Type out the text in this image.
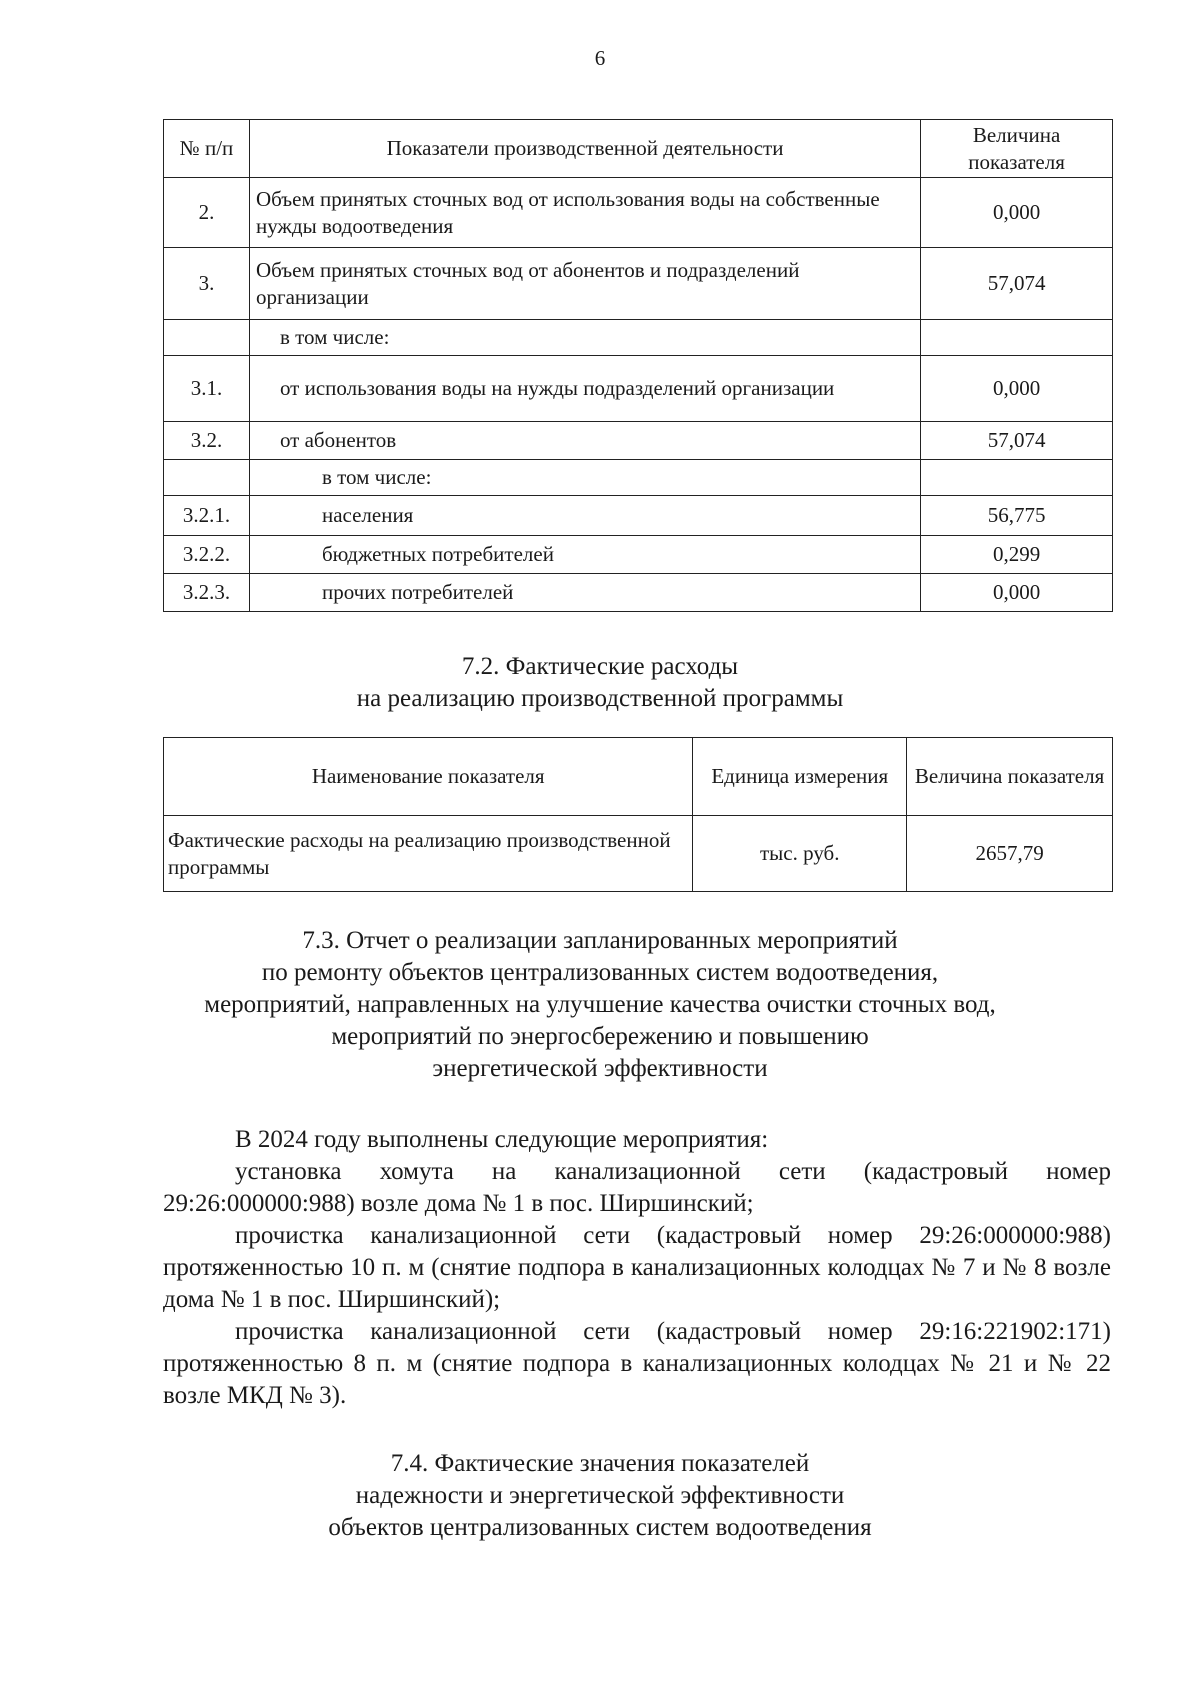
6
№ п/п	Показатели производственной деятельности	Величина показателя
2.	Объем принятых сточных вод от использования воды на собственные нужды водоотведения	0,000
3.	Объем принятых сточных вод от абонентов и подразделений организации	57,074
	в том числе:	
3.1.	от использования воды на нужды подразделений организации	0,000
3.2.	от абонентов	57,074
	в том числе:	
3.2.1.	населения	56,775
3.2.2.	бюджетных потребителей	0,299
3.2.3.	прочих потребителей	0,000
7.2. Фактические расходы
на реализацию производственной программы
Наименование показателя	Единица измерения	Величина показателя
Фактические расходы на реализацию производственной программы	тыс. руб.	2657,79
7.3. Отчет о реализации запланированных мероприятий
по ремонту объектов централизованных систем водоотведения,
мероприятий, направленных на улучшение качества очистки сточных вод,
мероприятий по энергосбережению и повышению
энергетической эффективности

В 2024 году выполнены следующие мероприятия:

установка хомута на канализационной сети (кадастровый номер 29:26:000000:988) возле дома № 1 в пос. Ширшинский;

прочистка канализационной сети (кадастровый номер 29:26:000000:988) протяженностью 10 п. м (снятие подпора в канализационных колодцах № 7 и № 8 возле дома № 1 в пос. Ширшинский);

прочистка канализационной сети (кадастровый номер 29:16:221902:171) протяженностью 8 п. м (снятие подпора в канализационных колодцах № 21 и № 22 возле МКД № 3).

7.4. Фактические значения показателей
надежности и энергетической эффективности
объектов централизованных систем водоотведения
